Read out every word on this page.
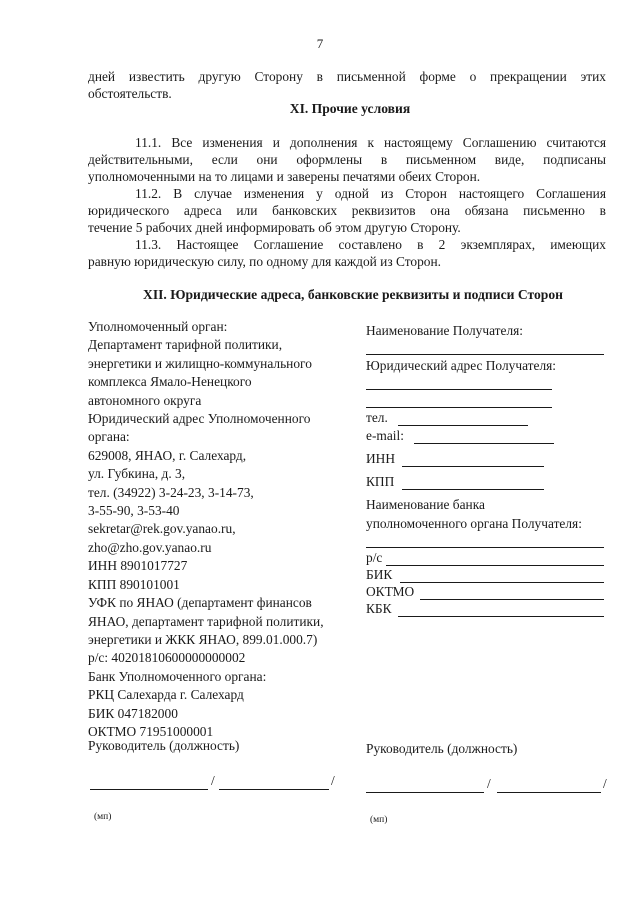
7
дней известить другую Сторону в письменной форме о прекращении этих
обстоятельств.
XI. Прочие условия
11.1. Все изменения и дополнения к настоящему Соглашению считаются
действительными, если они оформлены в письменном виде, подписаны
уполномоченными на то лицами и заверены печатями обеих Сторон.
11.2. В случае изменения у одной из Сторон настоящего Соглашения
юридического адреса или банковских реквизитов она обязана письменно в
течение 5 рабочих дней информировать об этом другую Сторону.
11.3. Настоящее Соглашение составлено в 2 экземплярах, имеющих
равную юридическую силу, по одному для каждой из Сторон.
XII. Юридические адреса, банковские реквизиты и подписи Сторон
Уполномоченный орган:
Департамент тарифной политики,
энергетики и жилищно-коммунального
комплекса Ямало-Ненецкого
автономного округа
Юридический адрес Уполномоченного
органа:
629008, ЯНАО, г. Салехард,
ул. Губкина, д. 3,
тел. (34922) 3-24-23, 3-14-73,
3-55-90, 3-53-40
sekretar@rek.gov.yanao.ru,
zho@zho.gov.yanao.ru
ИНН 8901017727
КПП 890101001
УФК по ЯНАО (департамент финансов
ЯНАО, департамент тарифной политики,
энергетики и ЖКК ЯНАО, 899.01.000.7)
р/с: 40201810600000000002
Банк Уполномоченного органа:
РКЦ Салехарда г. Салехард
БИК 047182000
ОКТМО 71951000001
Наименование Получателя:
Юридический адрес Получателя:
тел.
e-mail:
ИНН
КПП
Наименование банка
уполномоченного органа Получателя:
р/с
БИК
ОКТМО
КБК
Руководитель (должность)	Руководитель (должность)
/	/	/	/
(мп)	(мп)
